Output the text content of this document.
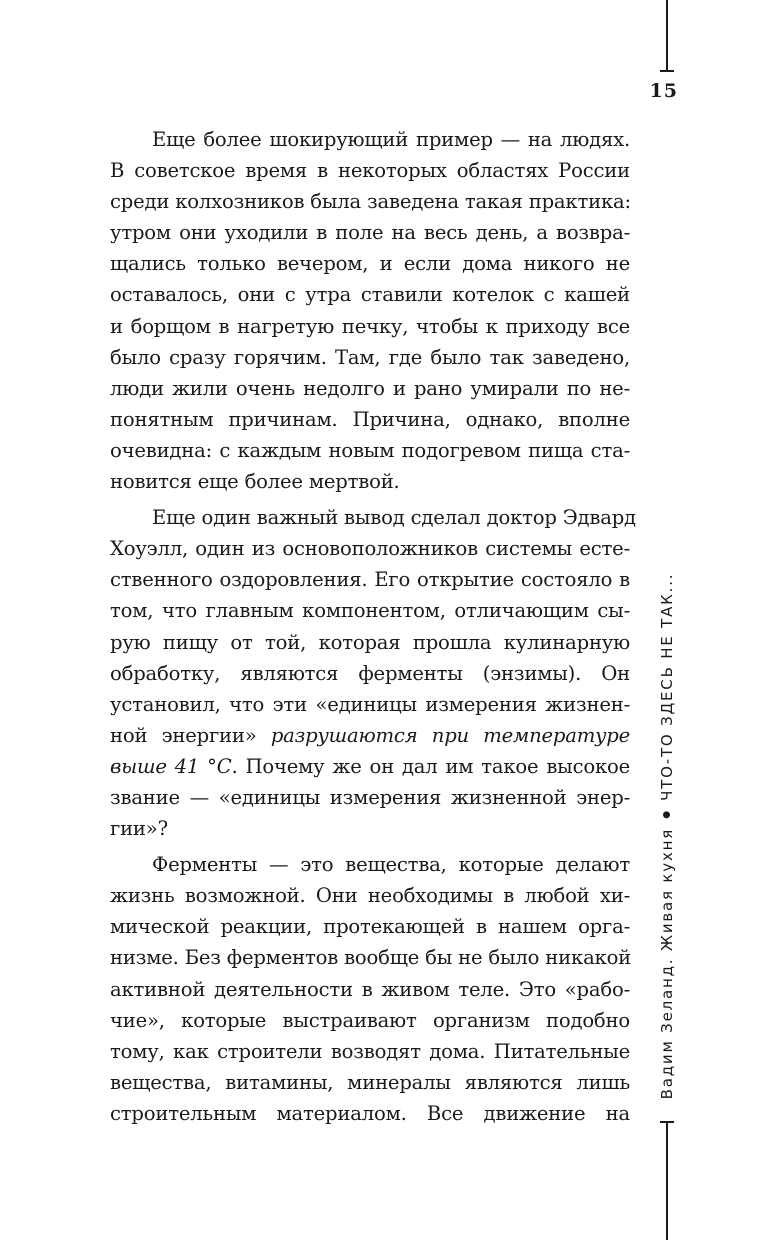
15
Вадим Зеланд. Живая кухняЧТО-ТО ЗДЕСЬ НЕ ТАК...
Еще более шокирующий пример — на людях.
В советское время в некоторых областях России
среди колхозников была заведена такая практика:
утром они уходили в поле на весь день, а возвра-
щались только вечером, и если дома никого не
оставалось, они с утра ставили котелок с кашей
и борщом в нагретую печку, чтобы к приходу все
было сразу горячим. Там, где было так заведено,
люди жили очень недолго и рано умирали по не-
понятным причинам. Причина, однако, вполне
очевидна: с каждым новым подогревом пища ста-
новится еще более мертвой.
Еще один важный вывод сделал доктор Эдвард
Хоуэлл, один из основоположников системы есте-
ственного оздоровления. Его открытие состояло в
том, что главным компонентом, отличающим сы-
рую пищу от той, которая прошла кулинарную
обработку, являются ферменты (энзимы). Он
установил, что эти «единицы измерения жизнен-
ной энергии» разрушаются при температуре
выше 41 °С. Почему же он дал им такое высокое
звание — «единицы измерения жизненной энер-
гии»?
Ферменты — это вещества, которые делают
жизнь возможной. Они необходимы в любой хи-
мической реакции, протекающей в нашем орга-
низме. Без ферментов вообще бы не было никакой
активной деятельности в живом теле. Это «рабо-
чие», которые выстраивают организм подобно
тому, как строители возводят дома. Питательные
вещества, витамины, минералы являются лишь
строительным материалом. Все движение на
